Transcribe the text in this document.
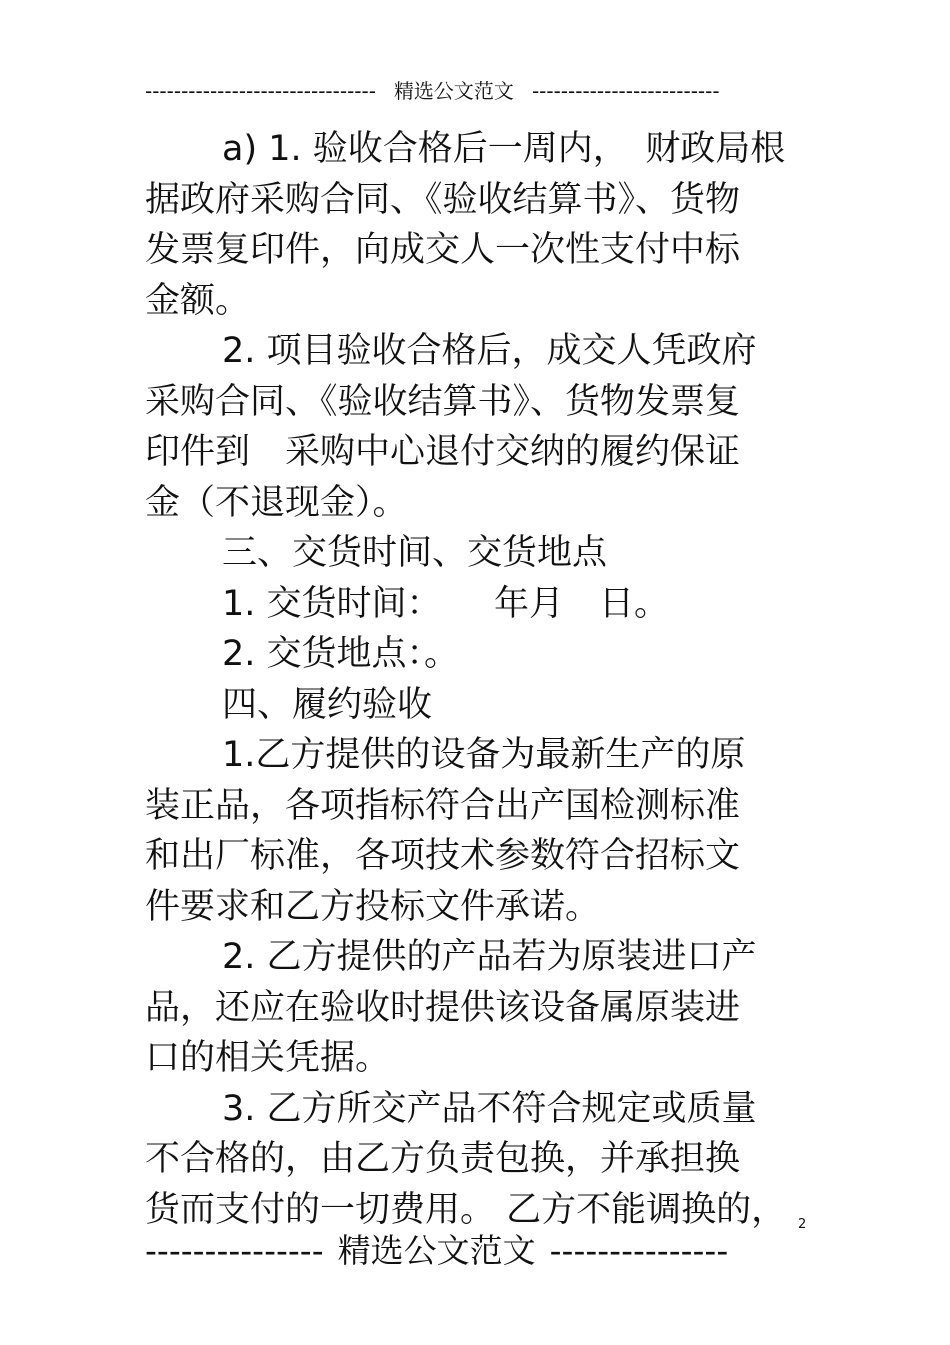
-------------------------------- 精选公文范文 --------------------------
a) 1. 验收合格后一周内，　财政局根
据政府采购合同、《验收结算书》、货物
发票复印件，向成交人一次性支付中标
金额。
2. 项目验收合格后，成交人凭政府
采购合同、《验收结算书》、货物发票复
印件到　采购中心退付交纳的履约保证
金（不退现金）。
三、交货时间、交货地点
1. 交货时间：　　年月　日。
2. 交货地点：。
四、履约验收
1.乙方提供的设备为最新生产的原
装正品，各项指标符合出产国检测标准
和出厂标准，各项技术参数符合招标文
件要求和乙方投标文件承诺。
2. 乙方提供的产品若为原装进口产
品，还应在验收时提供该设备属原装进
口的相关凭据。
3. 乙方所交产品不符合规定或质量
不合格的，由乙方负责包换，并承担换
货而支付的一切费用。 乙方不能调换的， 2
--------------- 精选公文范文 ---------------
